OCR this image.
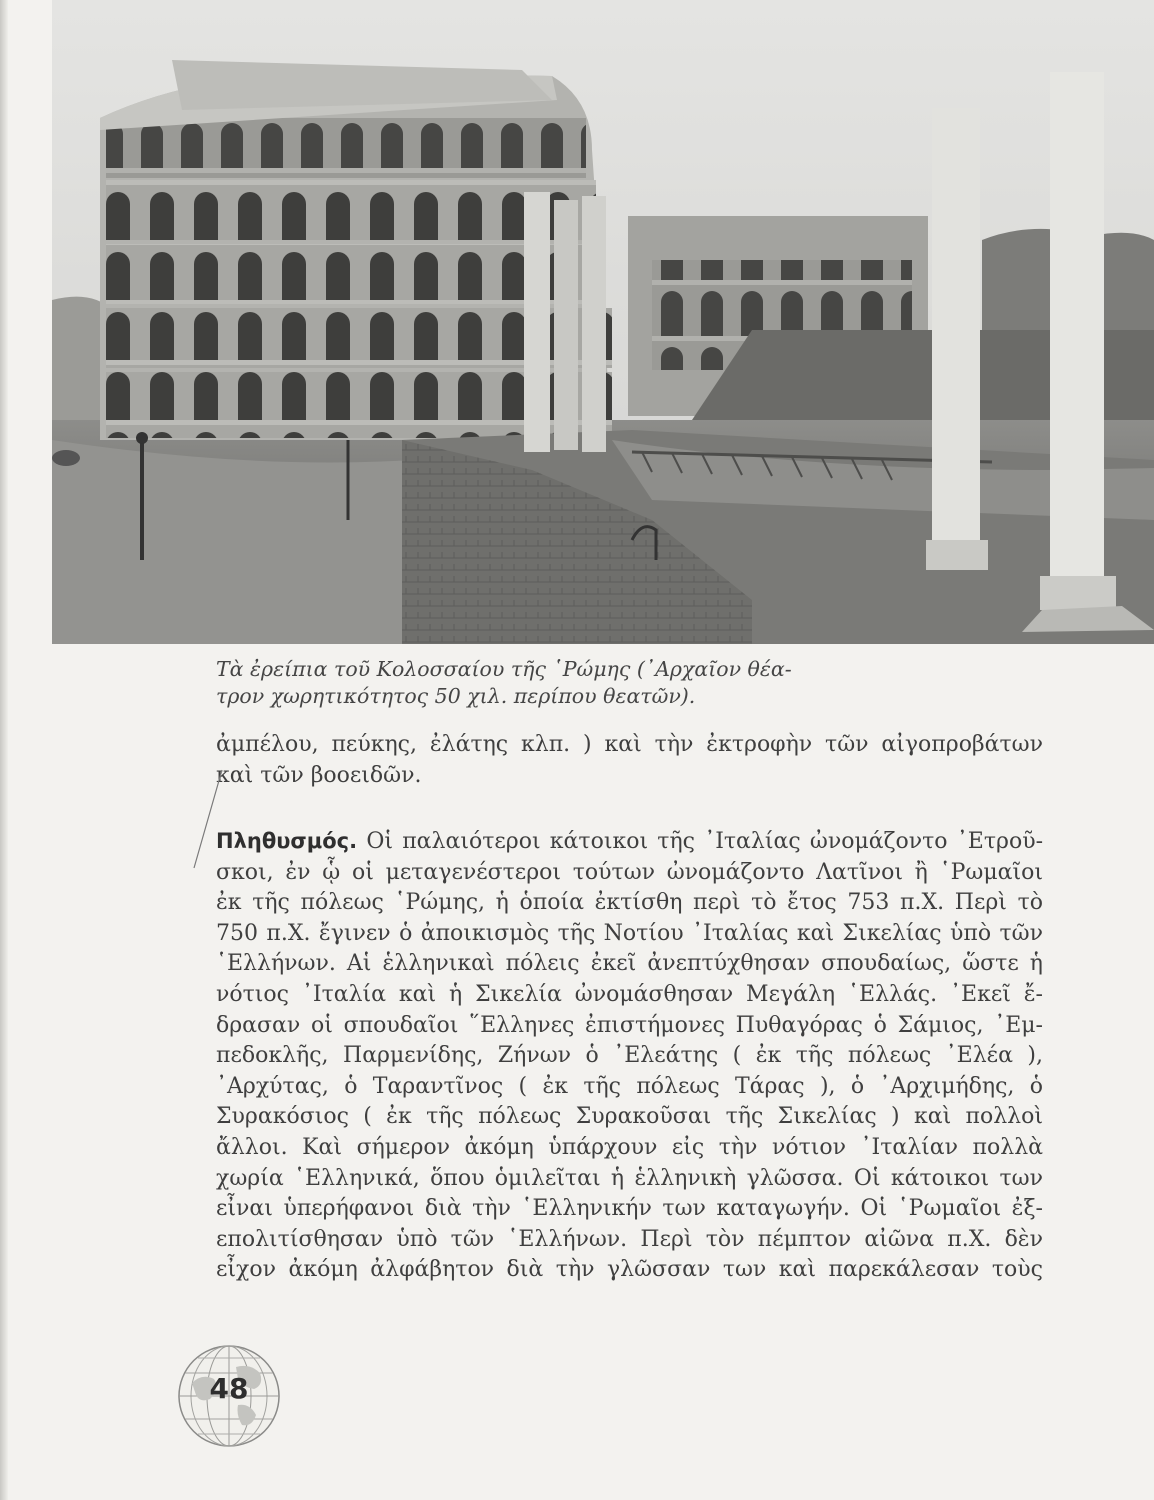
Τὰ ἐρείπια τοῦ Κολοσσαίου τῆς ῾Ρώμης (᾿Αρχαῖον θέα-
τρον χωρητικότητος 50 χιλ. περίπου θεατῶν).
ἀμπέλου, πεύκης, ἐλάτης κλπ. ) καὶ τὴν ἐκτροφὴν τῶν αἰγοπροβάτων
καὶ τῶν βοοειδῶν.
Πληθυσμός. Οἱ παλαιότεροι κάτοικοι τῆς ᾿Ιταλίας ὠνομάζοντο ᾿Ετροῦ-
σκοι, ἐν ᾧ οἱ μεταγενέστεροι τούτων ὠνομάζοντο Λατῖνοι ἢ ῾Ρωμαῖοι
ἐκ τῆς πόλεως ῾Ρώμης, ἡ ὁποία ἐκτίσθη περὶ τὸ ἔτος 753 π.Χ. Περὶ τὸ
750 π.Χ. ἔγινεν ὁ ἀποικισμὸς τῆς Νοτίου ᾿Ιταλίας καὶ Σικελίας ὑπὸ τῶν
῾Ελλήνων. Αἱ ἑλληνικαὶ πόλεις ἐκεῖ ἀνεπτύχθησαν σπουδαίως, ὥστε ἡ
νότιος ᾿Ιταλία καὶ ἡ Σικελία ὠνομάσθησαν Μεγάλη ῾Ελλάς. ᾿Εκεῖ ἔ-
δρασαν οἱ σπουδαῖοι ῞Ελληνες ἐπιστήμονες Πυθαγόρας ὁ Σάμιος, ᾿Εμ-
πεδοκλῆς, Παρμενίδης, Ζήνων ὁ ᾿Ελεάτης ( ἐκ τῆς πόλεως ᾿Ελέα ),
᾿Αρχύτας, ὁ Ταραντῖνος ( ἐκ τῆς πόλεως Τάρας ), ὁ ᾿Αρχιμήδης, ὁ
Συρακόσιος ( ἐκ τῆς πόλεως Συρακοῦσαι τῆς Σικελίας ) καὶ πολλοὶ
ἄλλοι. Καὶ σήμερον ἀκόμη ὑπάρχουν εἰς τὴν νότιον ᾿Ιταλίαν πολλὰ
χωρία ῾Ελληνικά, ὅπου ὁμιλεῖται ἡ ἑλληνικὴ γλῶσσα. Οἱ κάτοικοι των
εἶναι ὑπερήφανοι διὰ τὴν ῾Ελληνικήν των καταγωγήν. Οἱ ῾Ρωμαῖοι ἐξ-
επολιτίσθησαν ὑπὸ τῶν ῾Ελλήνων. Περὶ τὸν πέμπτον αἰῶνα π.Χ. δὲν
εἶχον ἀκόμη ἀλφάβητον διὰ τὴν γλῶσσαν των καὶ παρεκάλεσαν τοὺς
48
